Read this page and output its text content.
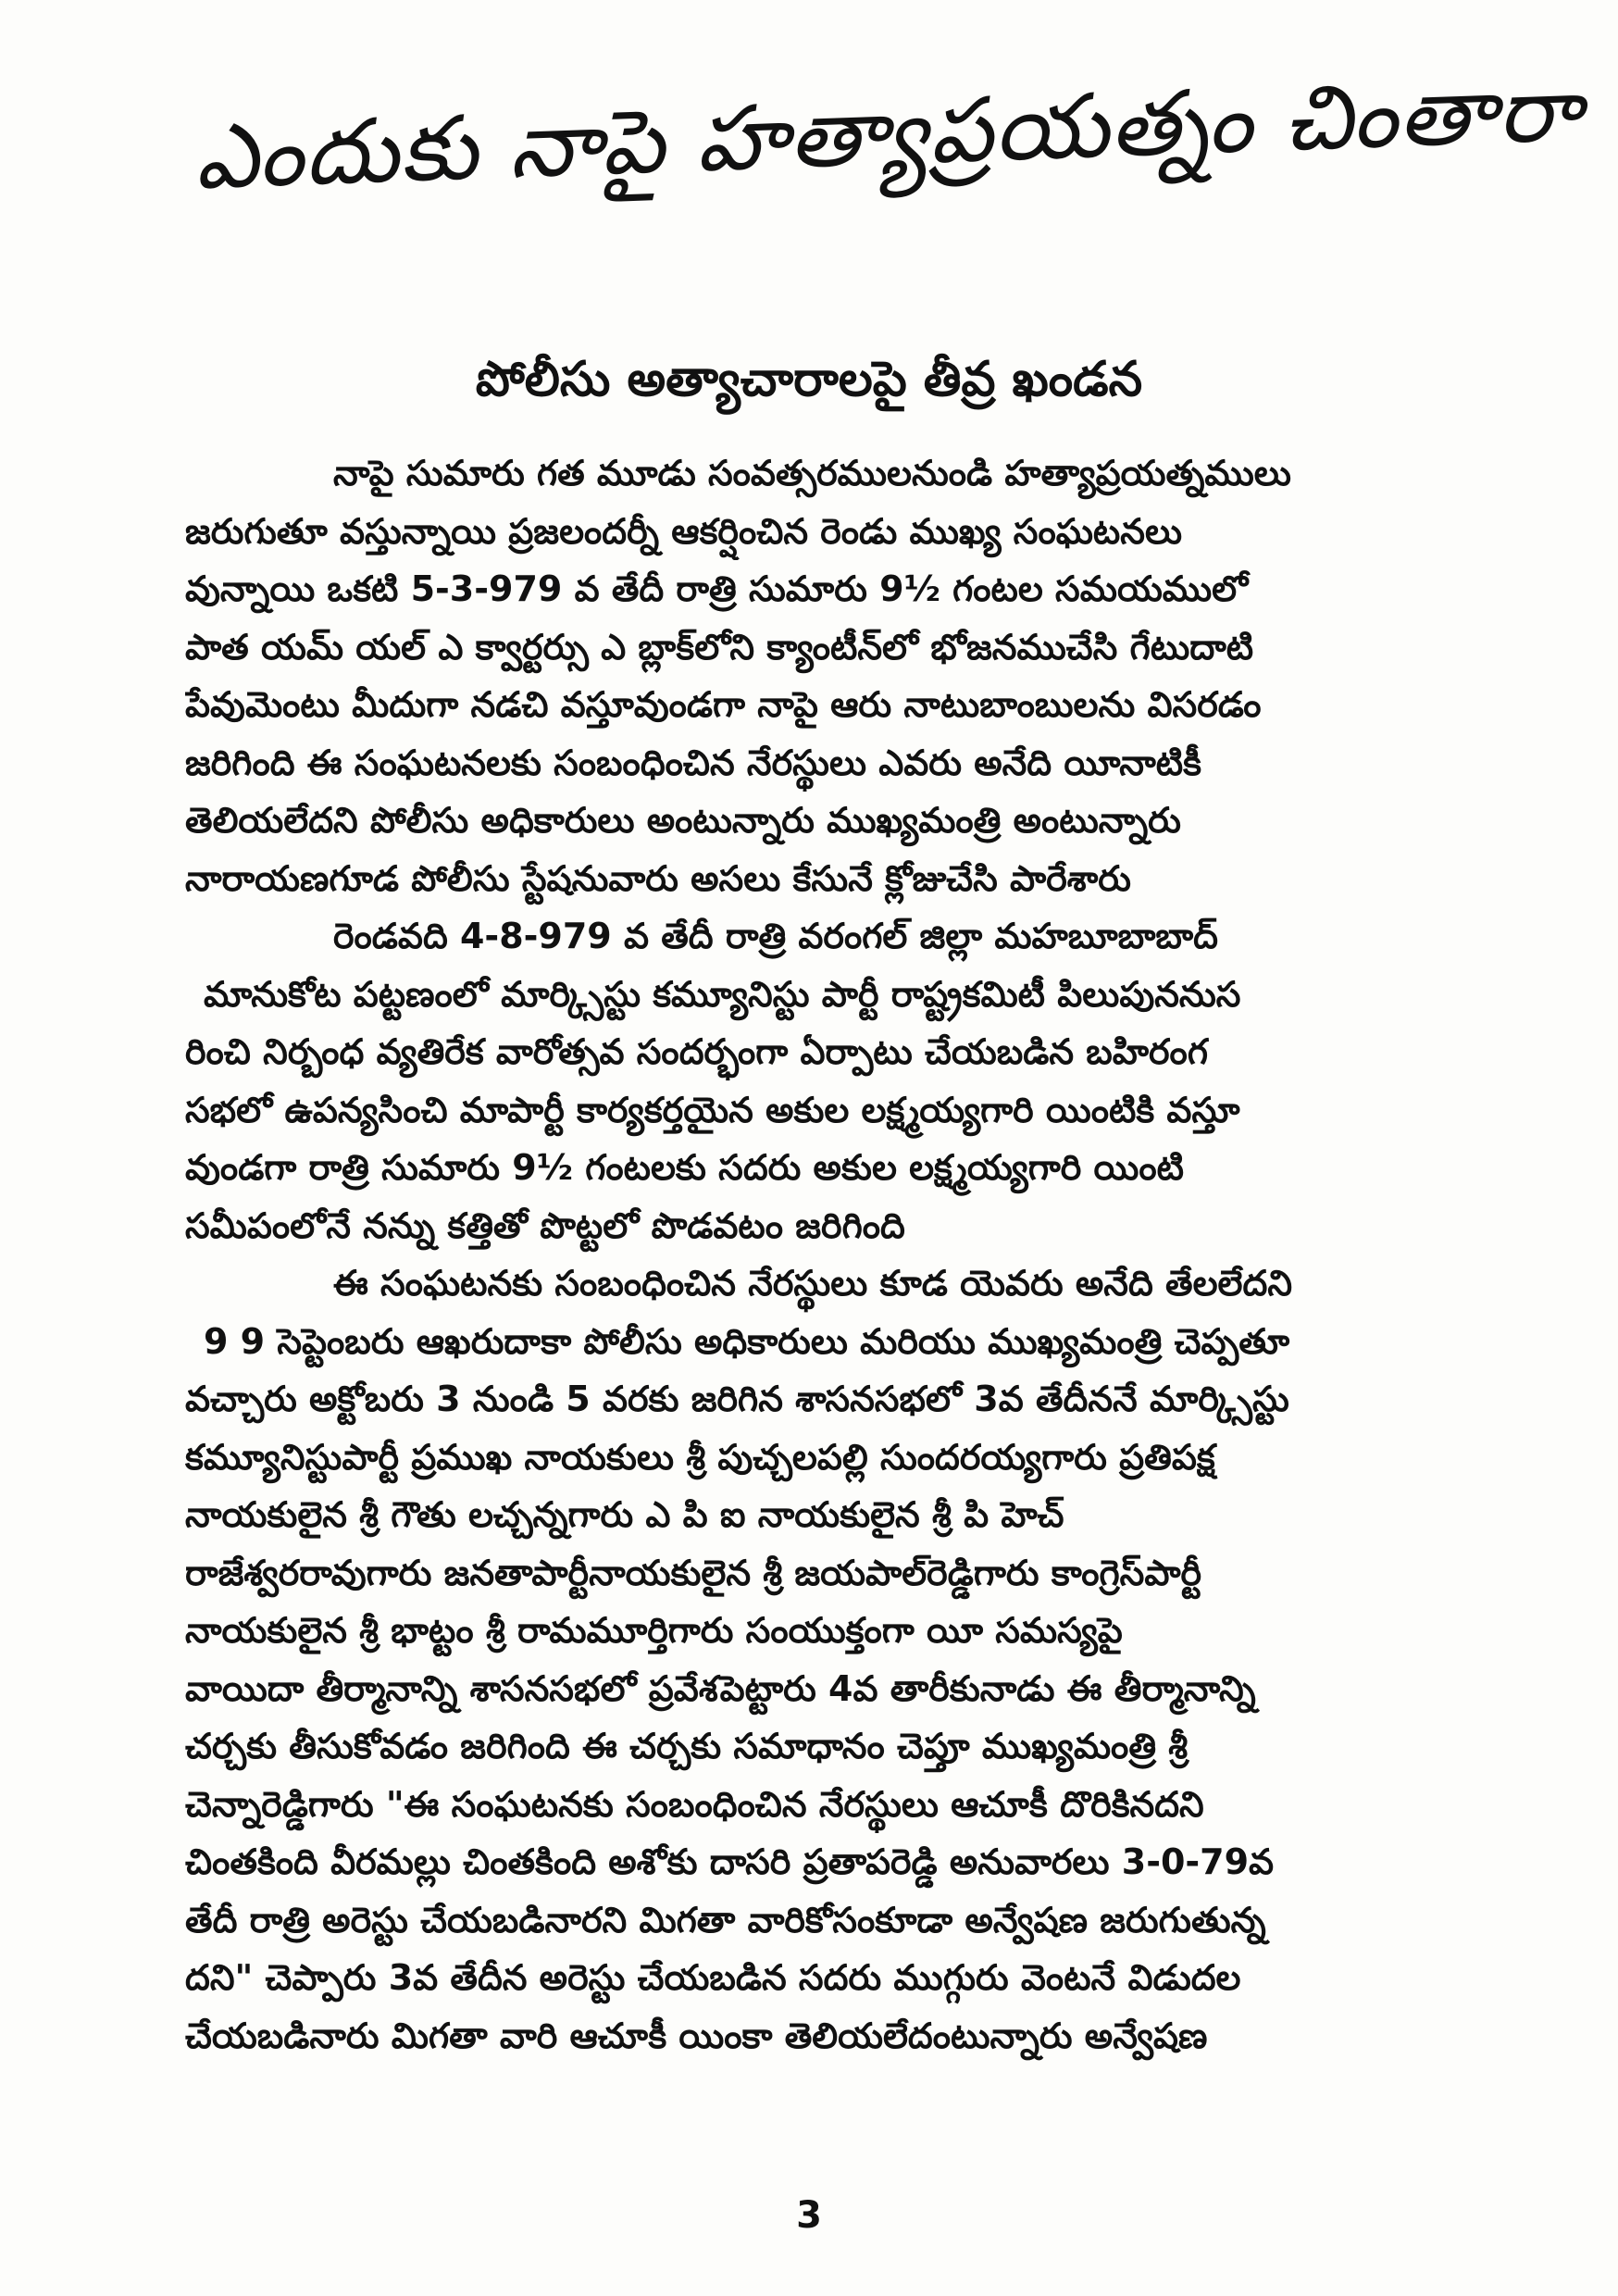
ఎందుకు నాపై హత్యాప్రయత్నం చింతారా
పోలీసు అత్యాచారాలపై తీవ్ర ఖండన
నాపై సుమారు గత మూడు సంవత్సరములనుండి హత్యాప్రయత్నములు
జరుగుతూ వస్తున్నాయి ప్రజలందర్నీ ఆకర్షించిన రెండు ముఖ్య సంఘటనలు
వున్నాయి ఒకటి 5-3-979 వ తేదీ రాత్రి సుమారు 9½ గంటల సమయములో
పాత యమ్ యల్ ఎ క్వార్టర్సు ఎ బ్లాక్‌లోని క్యాంటీన్‌లో భోజనముచేసి గేటుదాటి
పేవుమెంటు మీదుగా నడచి వస్తూవుండగా నాపై ఆరు నాటుబాంబులను విసరడం
జరిగింది ఈ సంఘటనలకు సంబంధించిన నేరస్థులు ఎవరు అనేది యీనాటికీ
తెలియలేదని పోలీసు అధికారులు అంటున్నారు ముఖ్యమంత్రి అంటున్నారు
నారాయణగూడ పోలీసు స్టేషనువారు అసలు కేసునే క్లోజుచేసి పారేశారు
రెండవది 4-8-979 వ తేదీ రాత్రి వరంగల్ జిల్లా మహబూబాబాద్
మానుకోట పట్టణంలో మార్క్సిస్టు కమ్యూనిస్టు పార్టీ రాష్ట్రకమిటీ పిలుపుననుస
రించి నిర్బంధ వ్యతిరేక వారోత్సవ సందర్భంగా ఏర్పాటు చేయబడిన బహిరంగ
సభలో ఉపన్యసించి మాపార్టీ కార్యకర్తయైన అకుల లక్ష్మయ్యగారి యింటికి వస్తూ
వుండగా రాత్రి సుమారు 9½ గంటలకు సదరు అకుల లక్ష్మయ్యగారి యింటి
సమీపంలోనే నన్ను కత్తితో పొట్టలో పొడవటం జరిగింది
ఈ సంఘటనకు సంబంధించిన నేరస్థులు కూడ యెవరు అనేది తేలలేదని
9 9 సెప్టెంబరు ఆఖరుదాకా పోలీసు అధికారులు మరియు ముఖ్యమంత్రి చెప్పతూ
వచ్చారు అక్టోబరు 3 నుండి 5 వరకు జరిగిన శాసనసభలో 3వ తేదీననే మార్క్సిస్టు
కమ్యూనిస్టుపార్టీ ప్రముఖ నాయకులు శ్రీ పుచ్చలపల్లి సుందరయ్యగారు ప్రతిపక్ష
నాయకులైన శ్రీ గౌతు లచ్చన్నగారు ఎ పి ఐ నాయకులైన శ్రీ పి హెచ్
రాజేశ్వరరావుగారు జనతాపార్టీనాయకులైన శ్రీ జయపాల్‌రెడ్డిగారు కాంగ్రెస్‌పార్టీ
నాయకులైన శ్రీ భాట్టం శ్రీ రామమూర్తిగారు సంయుక్తంగా యీ సమస్యపై
వాయిదా తీర్మానాన్ని శాసనసభలో ప్రవేశపెట్టారు 4వ తారీకునాడు ఈ తీర్మానాన్ని
చర్చకు తీసుకోవడం జరిగింది ఈ చర్చకు సమాధానం చెప్తూ ముఖ్యమంత్రి శ్రీ
చెన్నారెడ్డిగారు "ఈ సంఘటనకు సంబంధించిన నేరస్థులు ఆచూకీ దొరికినదని
చింతకింది వీరమల్లు చింతకింది అశోకు దాసరి ప్రతాపరెడ్డి అనువారలు 3-0-79వ
తేదీ రాత్రి అరెస్టు చేయబడినారని మిగతా వారికోసంకూడా అన్వేషణ జరుగుతున్న
దని" చెప్పారు 3వ తేదీన అరెస్టు చేయబడిన సదరు ముగ్గురు వెంటనే విడుదల
చేయబడినారు మిగతా వారి ఆచూకీ యింకా తెలియలేదంటున్నారు అన్వేషణ
3
